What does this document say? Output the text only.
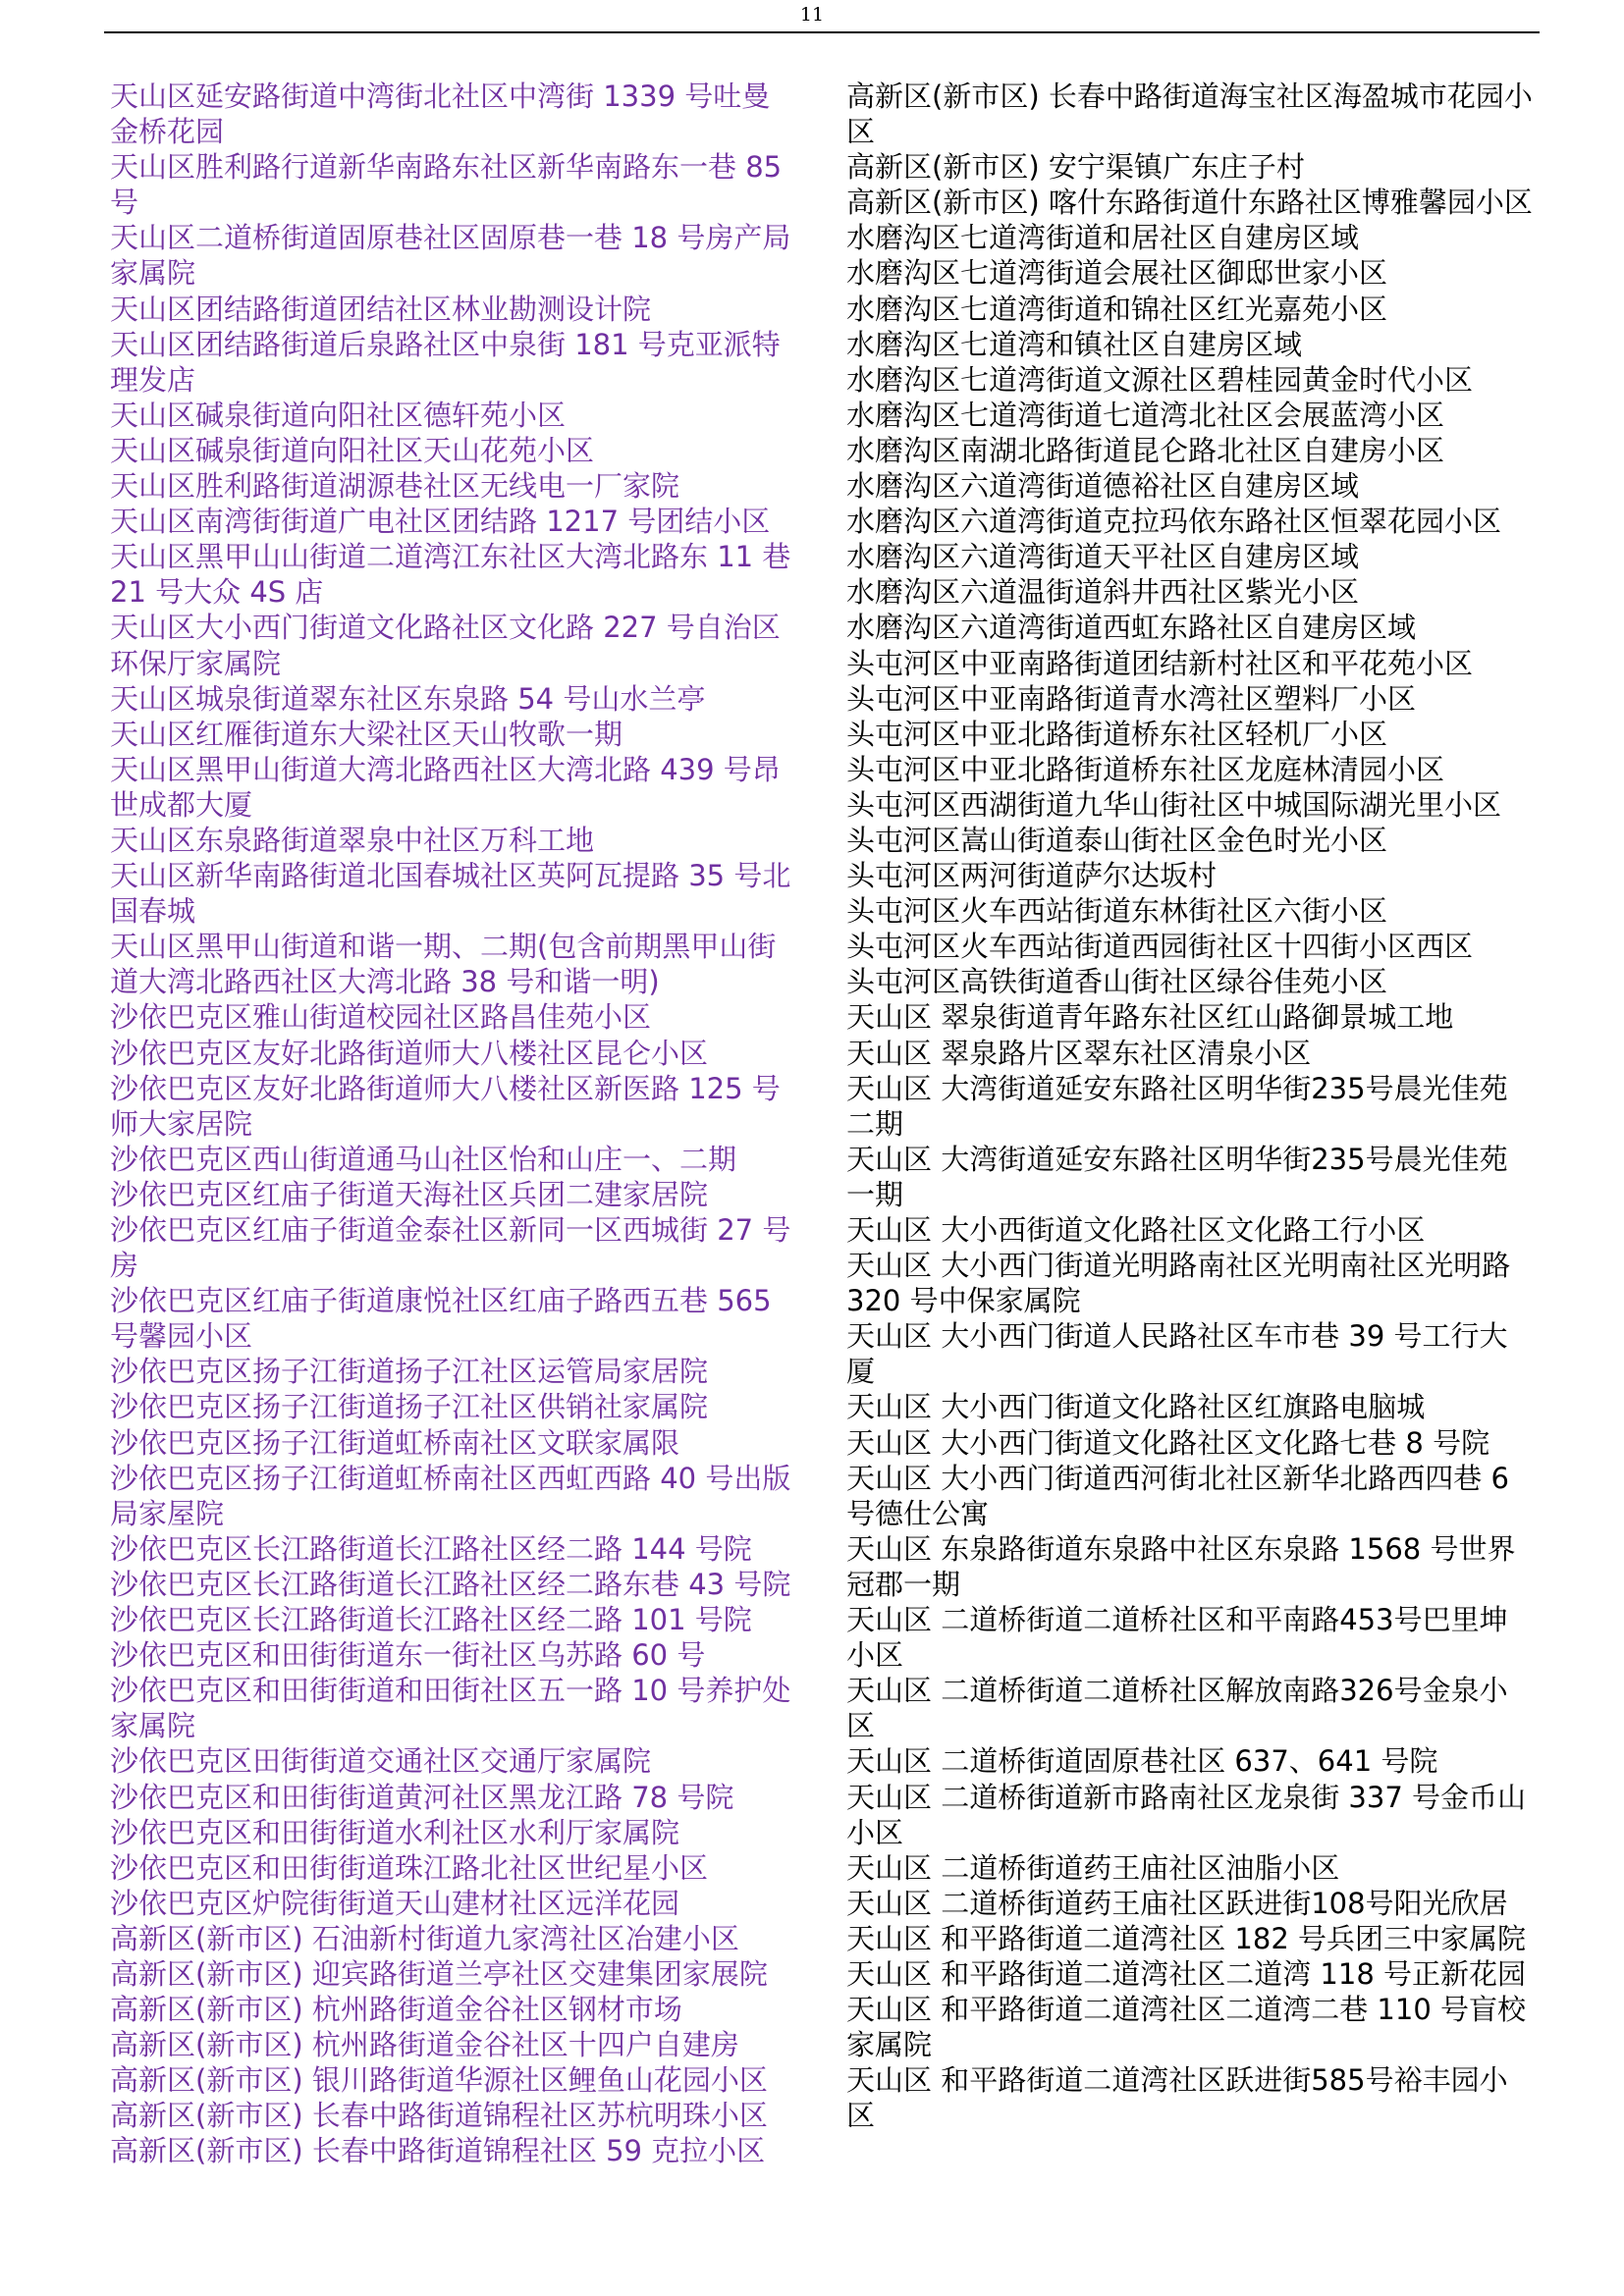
11

天山区延安路街道中湾街北社区中湾街 1339 号吐曼金桥花园

天山区胜利路行道新华南路东社区新华南路东一巷 85 号

天山区二道桥街道固原巷社区固原巷一巷 18 号房产局家属院

天山区团结路街道团结社区林业勘测设计院

天山区团结路街道后泉路社区中泉街 181 号克亚派特理发店

天山区碱泉街道向阳社区德轩苑小区

天山区碱泉街道向阳社区天山花苑小区

天山区胜利路街道湖源巷社区无线电一厂家院

天山区南湾街街道广电社区团结路 1217 号团结小区

天山区黑甲山山街道二道湾江东社区大湾北路东 11 巷 21 号大众 4S 店

天山区大小西门街道文化路社区文化路 227 号自治区环保厅家属院

天山区城泉街道翠东社区东泉路 54 号山水兰亭

天山区红雁街道东大梁社区天山牧歌一期

天山区黑甲山街道大湾北路西社区大湾北路 439 号昂世成都大厦

天山区东泉路街道翠泉中社区万科工地

天山区新华南路街道北国春城社区英阿瓦提路 35 号北国春城

天山区黑甲山街道和谐一期、二期(包含前期黑甲山街道大湾北路西社区大湾北路 38 号和谐一明)

沙依巴克区雅山街道校园社区路昌佳苑小区

沙依巴克区友好北路街道师大八楼社区昆仑小区

沙依巴克区友好北路街道师大八楼社区新医路 125 号师大家居院

沙依巴克区西山街道通马山社区怡和山庄一、二期

沙依巴克区红庙子街道天海社区兵团二建家居院

沙依巴克区红庙子街道金泰社区新同一区西城街 27 号房

沙依巴克区红庙子街道康悦社区红庙子路西五巷 565 号馨园小区

沙依巴克区扬子江街道扬子江社区运管局家居院

沙依巴克区扬子江街道扬子江社区供销社家属院

沙依巴克区扬子江街道虹桥南社区文联家属限

沙依巴克区扬子江街道虹桥南社区西虹西路 40 号出版局家屋院

沙依巴克区长江路街道长江路社区经二路 144 号院

沙依巴克区长江路街道长江路社区经二路东巷 43 号院

沙依巴克区长江路街道长江路社区经二路 101 号院

沙依巴克区和田街街道东一街社区乌苏路 60 号

沙依巴克区和田街街道和田街社区五一路 10 号养护处家属院

沙依巴克区田街街道交通社区交通厅家属院

沙依巴克区和田街街道黄河社区黑龙江路 78 号院

沙依巴克区和田街街道水利社区水利厅家属院

沙依巴克区和田街街道珠江路北社区世纪星小区

沙依巴克区炉院街街道天山建材社区远洋花园

高新区(新市区) 石油新村街道九家湾社区冶建小区

高新区(新市区) 迎宾路街道兰亭社区交建集团家展院

高新区(新市区) 杭州路街道金谷社区钢材市场

高新区(新市区) 杭州路街道金谷社区十四户自建房

高新区(新市区) 银川路街道华源社区鲤鱼山花园小区

高新区(新市区) 长春中路街道锦程社区苏杭明珠小区

高新区(新市区) 长春中路街道锦程社区 59 克拉小区

高新区(新市区) 长春中路街道海宝社区海盈城市花园小区

高新区(新市区) 安宁渠镇广东庄子村

高新区(新市区) 喀什东路街道什东路社区博雅馨园小区

水磨沟区七道湾街道和居社区自建房区域

水磨沟区七道湾街道会展社区御邸世家小区

水磨沟区七道湾街道和锦社区红光嘉苑小区

水磨沟区七道湾和镇社区自建房区域

水磨沟区七道湾街道文源社区碧桂园黄金时代小区

水磨沟区七道湾街道七道湾北社区会展蓝湾小区

水磨沟区南湖北路街道昆仑路北社区自建房小区

水磨沟区六道湾街道德裕社区自建房区域

水磨沟区六道湾街道克拉玛依东路社区恒翠花园小区

水磨沟区六道湾街道天平社区自建房区域

水磨沟区六道温街道斜井西社区紫光小区

水磨沟区六道湾街道西虹东路社区自建房区域

头屯河区中亚南路街道团结新村社区和平花苑小区

头屯河区中亚南路街道青水湾社区塑料厂小区

头屯河区中亚北路街道桥东社区轻机厂小区

头屯河区中亚北路街道桥东社区龙庭林清园小区

头屯河区西湖街道九华山街社区中城国际湖光里小区

头屯河区嵩山街道泰山街社区金色时光小区

头屯河区两河街道萨尔达坂村

头屯河区火车西站街道东林街社区六街小区

头屯河区火车西站街道西园街社区十四街小区西区

头屯河区高铁街道香山街社区绿谷佳苑小区

天山区 翠泉街道青年路东社区红山路御景城工地

天山区 翠泉路片区翠东社区清泉小区

天山区 大湾街道延安东路社区明华街235号晨光佳苑二期

天山区 大湾街道延安东路社区明华街235号晨光佳苑一期

天山区 大小西街道文化路社区文化路工行小区

天山区 大小西门街道光明路南社区光明南社区光明路 320 号中保家属院

天山区 大小西门街道人民路社区车市巷 39 号工行大厦

天山区 大小西门街道文化路社区红旗路电脑城

天山区 大小西门街道文化路社区文化路七巷 8 号院

天山区 大小西门街道西河街北社区新华北路西四巷 6 号德仕公寓

天山区 东泉路街道东泉路中社区东泉路 1568 号世界冠郡一期

天山区 二道桥街道二道桥社区和平南路453号巴里坤小区

天山区 二道桥街道二道桥社区解放南路326号金泉小区

天山区 二道桥街道固原巷社区 637、641 号院

天山区 二道桥街道新市路南社区龙泉街 337 号金币山小区

天山区 二道桥街道药王庙社区油脂小区

天山区 二道桥街道药王庙社区跃进街108号阳光欣居

天山区 和平路街道二道湾社区 182 号兵团三中家属院

天山区 和平路街道二道湾社区二道湾 118 号正新花园

天山区 和平路街道二道湾社区二道湾二巷 110 号盲校家属院

天山区 和平路街道二道湾社区跃进街585号裕丰园小区
